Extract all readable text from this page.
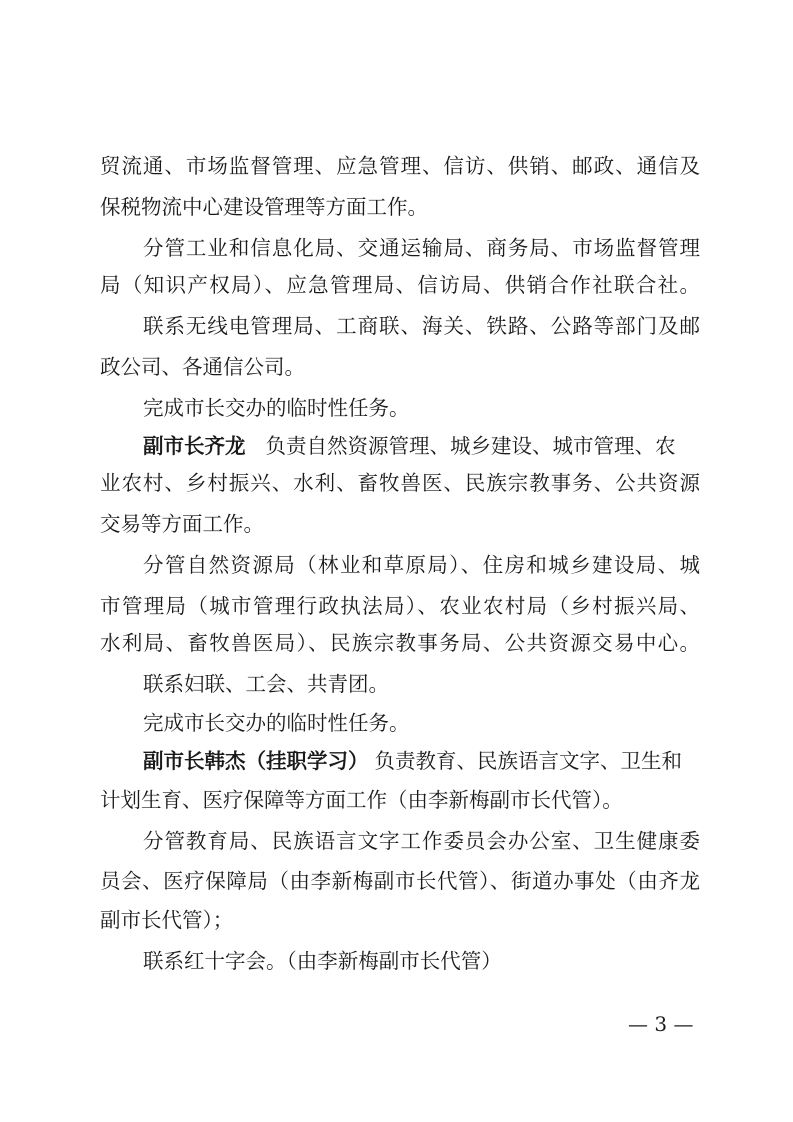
贸流通、市场监督管理、应急管理、信访、供销、邮政、通信及
保税物流中心建设管理等方面工作。
分管工业和信息化局、交通运输局、商务局、市场监督管理
局（知识产权局）、应急管理局、信访局、供销合作社联合社。
联系无线电管理局、工商联、海关、铁路、公路等部门及邮
政公司、各通信公司。
完成市长交办的临时性任务。
副市长齐龙 负责自然资源管理、城乡建设、城市管理、农
业农村、乡村振兴、水利、畜牧兽医、民族宗教事务、公共资源
交易等方面工作。
分管自然资源局（林业和草原局）、住房和城乡建设局、城
市管理局（城市管理行政执法局）、农业农村局（乡村振兴局、
水利局、畜牧兽医局）、民族宗教事务局、公共资源交易中心。
联系妇联、工会、共青团。
完成市长交办的临时性任务。
副市长韩杰（挂职学习） 负责教育、民族语言文字、卫生和
计划生育、医疗保障等方面工作（由李新梅副市长代管）。
分管教育局、民族语言文字工作委员会办公室、卫生健康委
员会、医疗保障局（由李新梅副市长代管）、街道办事处（由齐龙
副市长代管）；
联系红十字会。（由李新梅副市长代管）
— 3 —
